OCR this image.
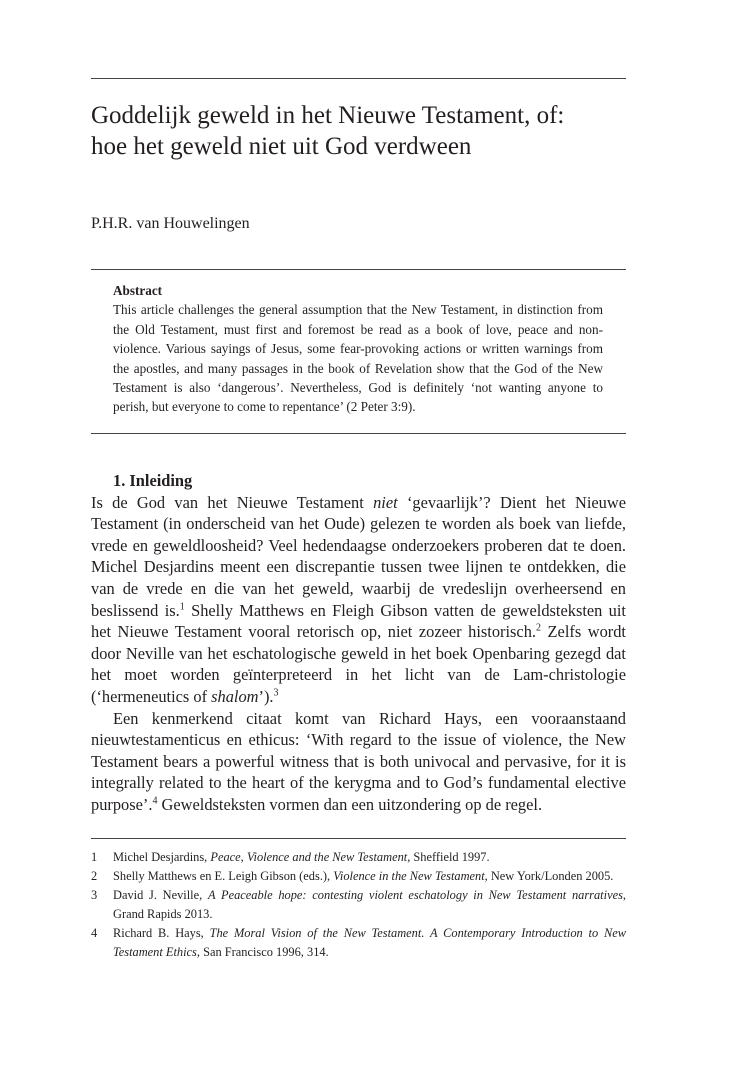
Goddelijk geweld in het Nieuwe Testament, of:
hoe het geweld niet uit God verdween
P.H.R. van Houwelingen
Abstract

This article challenges the general assumption that the New Testament, in distinction from the Old Testament, must first and foremost be read as a book of love, peace and non-violence. Various sayings of Jesus, some fear-provoking actions or written warnings from the apostles, and many passages in the book of Revelation show that the God of the New Testament is also ‘dangerous’. Nevertheless, God is definitely ‘not wanting anyone to perish, but everyone to come to repentance’ (2 Peter 3:9).

1. Inleiding

Is de God van het Nieuwe Testament niet ‘gevaarlijk’? Dient het Nieuwe Testament (in onderscheid van het Oude) gelezen te worden als boek van liefde, vrede en geweldloosheid? Veel hedendaagse onderzoekers proberen dat te doen. Michel Desjardins meent een discrepantie tussen twee lijnen te ontdekken, die van de vrede en die van het geweld, waarbij de vredeslijn overheersend en beslissend is.$^1$ Shelly Matthews en Fleigh Gibson vatten de geweldsteksten uit het Nieuwe Testament vooral retorisch op, niet zozeer historisch.$^2$ Zelfs wordt door Neville van het eschatologische geweld in het boek Openbaring gezegd dat het moet worden geïnterpreteerd in het licht van de Lam-christologie (‘hermeneutics of shalom’).$^3$

Een kenmerkend citaat komt van Richard Hays, een vooraanstaand nieuwtestamenticus en ethicus: ‘With regard to the issue of violence, the New Testament bears a powerful witness that is both univocal and pervasive, for it is integrally related to the heart of the kerygma and to God’s fundamental elective purpose’.$^4$ Geweldsteksten vormen dan een uitzondering op de regel.

1 Michel Desjardins, Peace, Violence and the New Testament, Sheffield 1997.
2 Shelly Matthews en E. Leigh Gibson (eds.), Violence in the New Testament, New York/Londen 2005.
3 David J. Neville, A Peaceable hope: contesting violent eschatology in New Testament narratives, Grand Rapids 2013.
4 Richard B. Hays, The Moral Vision of the New Testament. A Contemporary Introduction to New Testament Ethics, San Francisco 1996, 314.
